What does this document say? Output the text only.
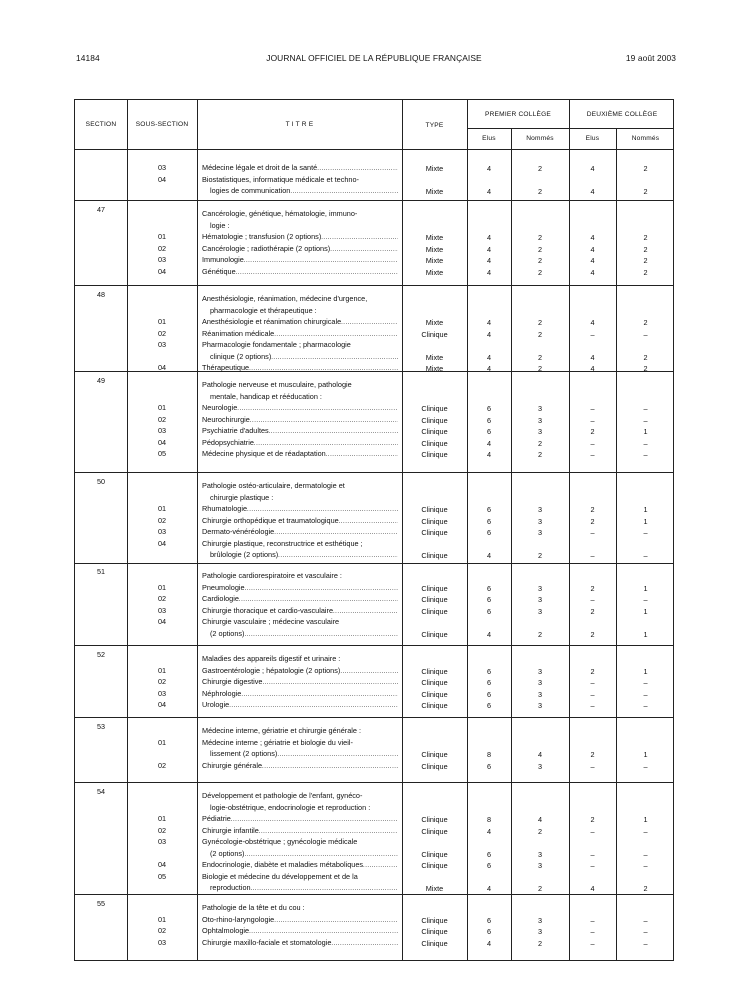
14184	JOURNAL OFFICIEL DE LA RÉPUBLIQUE FRANÇAISE	19 août 2003
SECTION	SOUS-SECTION	T I T R E	TYPE
PREMIER COLLÈGE	DEUXIÈME COLLÈGE
Elus	Nommés	Elus	Nommés
03	Médecine légale et droit de la santé .....	Mixte	4	2	4	2
04	Biostatistiques, informatique médicale et techno-
logies de communication .....	Mixte	4	2	4	2
47	Cancérologie, génétique, hématologie, immuno-
logie :
01	Hématologie ; transfusion (2 options) .....	Mixte	4	2	4	2
02	Cancérologie ; radiothérapie (2 options) .....	Mixte	4	2	4	2
03	Immunologie .....	Mixte	4	2	4	2
04	Génétique .....	Mixte	4	2	4	2
48	Anesthésiologie, réanimation, médecine d'urgence,
pharmacologie et thérapeutique :
01	Anesthésiologie et réanimation chirurgicale .....	Mixte	4	2	4	2
02	Réanimation médicale .....	Clinique	4	2	–	–
03	Pharmacologie fondamentale ; pharmacologie
clinique (2 options) .....	Mixte	4	2	4	2
04	Thérapeutique .....	Mixte	4	2	4	2
49	Pathologie nerveuse et musculaire, pathologie
mentale, handicap et rééducation :
01	Neurologie .....	Clinique	6	3	–	–
02	Neurochirurgie .....	Clinique	6	3	–	–
03	Psychiatrie d'adultes .....	Clinique	6	3	2	1
04	Pédopsychiatrie .....	Clinique	4	2	–	–
05	Médecine physique et de réadaptation .....	Clinique	4	2	–	–
50	Pathologie ostéo-articulaire, dermatologie et
chirurgie plastique :
01	Rhumatologie .....	Clinique	6	3	2	1
02	Chirurgie orthopédique et traumatologique .....	Clinique	6	3	2	1
03	Dermato-vénéréologie .....	Clinique	6	3	–	–
04	Chirurgie plastique, reconstructrice et esthétique ;
brûlologie (2 options) .....	Clinique	4	2	–	–
51	Pathologie cardiorespiratoire et vasculaire :
01	Pneumologie .....	Clinique	6	3	2	1
02	Cardiologie .....	Clinique	6	3	–	–
03	Chirurgie thoracique et cardio-vasculaire .....	Clinique	6	3	2	1
04	Chirurgie vasculaire ; médecine vasculaire
(2 options) .....	Clinique	4	2	2	1
52	Maladies des appareils digestif et urinaire :
01	Gastroentérologie ; hépatologie (2 options) .....	Clinique	6	3	2	1
02	Chirurgie digestive .....	Clinique	6	3	–	–
03	Néphrologie .....	Clinique	6	3	–	–
04	Urologie .....	Clinique	6	3	–	–
53	Médecine interne, gériatrie et chirurgie générale :
01	Médecine interne ; gériatrie et biologie du vieil-
lissement (2 options) .....	Clinique	8	4	2	1
02	Chirurgie générale .....	Clinique	6	3	–	–
54	Développement et pathologie de l'enfant, gynéco-
logie-obstétrique, endocrinologie et reproduction :
01	Pédiatrie .....	Clinique	8	4	2	1
02	Chirurgie infantile .....	Clinique	4	2	–	–
03	Gynécologie-obstétrique ; gynécologie médicale
(2 options) .....	Clinique	6	3	–	–
04	Endocrinologie, diabète et maladies métaboliques .....	Clinique	6	3	–	–
05	Biologie et médecine du développement et de la
reproduction .....	Mixte	4	2	4	2
55	Pathologie de la tête et du cou :
01	Oto-rhino-laryngologie .....	Clinique	6	3	–	–
02	Ophtalmologie .....	Clinique	6	3	–	–
03	Chirurgie maxillo-faciale et stomatologie .....	Clinique	4	2	–	–
